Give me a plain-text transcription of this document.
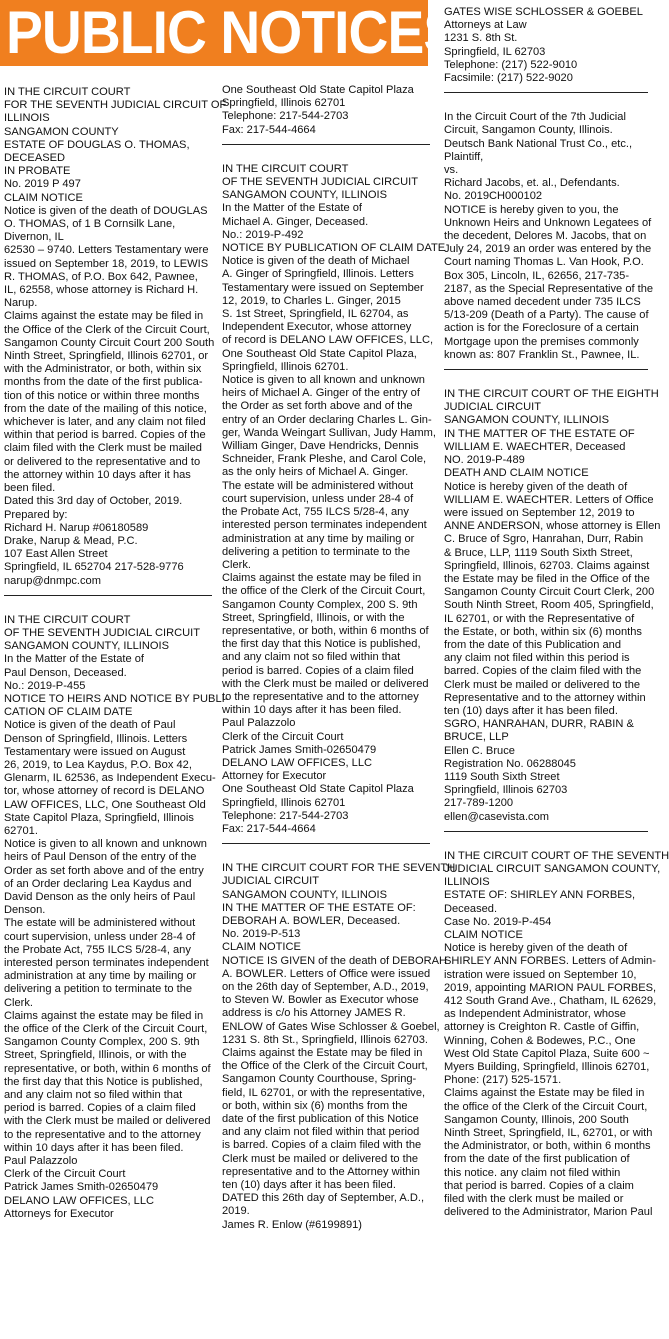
PUBLIC NOTICES
IN THE CIRCUIT COURT
FOR THE SEVENTH JUDICIAL CIRCUIT OF
ILLINOIS
SANGAMON COUNTY
ESTATE OF DOUGLAS O. THOMAS,
DECEASED
IN PROBATE
No. 2019 P 497
CLAIM NOTICE
Notice is given of the death of DOUGLAS
O. THOMAS, of 1 B Cornsilk Lane,
Divernon, IL
62530 – 9740. Letters Testamentary were
issued on September 18, 2019, to LEWIS
R. THOMAS, of P.O. Box 642, Pawnee,
IL, 62558, whose attorney is Richard H.
Narup.
Claims against the estate may be filed in
the Office of the Clerk of the Circuit Court,
Sangamon County Circuit Court 200 South
Ninth Street, Springfield, Illinois 62701, or
with the Administrator, or both, within six
months from the date of the first publica-
tion of this notice or within three months
from the date of the mailing of this notice,
whichever is later, and any claim not filed
within that period is barred. Copies of the
claim filed with the Clerk must be mailed
or delivered to the representative and to
the attorney within 10 days after it has
been filed.
Dated this 3rd day of October, 2019.
Prepared by:
Richard H. Narup #06180589
Drake, Narup & Mead, P.C.
107 East Allen Street
Springfield, IL 652704 217-528-9776
narup@dnmpc.com
IN THE CIRCUIT COURT
OF THE SEVENTH JUDICIAL CIRCUIT
SANGAMON COUNTY, ILLINOIS
In the Matter of the Estate of
Paul Denson, Deceased.
No.: 2019-P-455
NOTICE TO HEIRS AND NOTICE BY PUBLI-
CATION OF CLAIM DATE
Notice is given of the death of Paul
Denson of Springfield, Illinois. Letters
Testamentary were issued on August
26, 2019, to Lea Kaydus, P.O. Box 42,
Glenarm, IL 62536, as Independent Execu-
tor, whose attorney of record is DELANO
LAW OFFICES, LLC, One Southeast Old
State Capitol Plaza, Springfield, Illinois
62701.
Notice is given to all known and unknown
heirs of Paul Denson of the entry of the
Order as set forth above and of the entry
of an Order declaring Lea Kaydus and
David Denson as the only heirs of Paul
Denson.
The estate will be administered without
court supervision, unless under 28-4 of
the Probate Act, 755 ILCS 5/28-4, any
interested person terminates independent
administration at any time by mailing or
delivering a petition to terminate to the
Clerk.
Claims against the estate may be filed in
the office of the Clerk of the Circuit Court,
Sangamon County Complex, 200 S. 9th
Street, Springfield, Illinois, or with the
representative, or both, within 6 months of
the first day that this Notice is published,
and any claim not so filed within that
period is barred. Copies of a claim filed
with the Clerk must be mailed or delivered
to the representative and to the attorney
within 10 days after it has been filed.
Paul Palazzolo
Clerk of the Circuit Court
Patrick James Smith-02650479
DELANO LAW OFFICES, LLC
Attorneys for Executor
One Southeast Old State Capitol Plaza
Springfield, Illinois 62701
Telephone: 217-544-2703
Fax: 217-544-4664
IN THE CIRCUIT COURT
OF THE SEVENTH JUDICIAL CIRCUIT
SANGAMON COUNTY, ILLINOIS
In the Matter of the Estate of
Michael A. Ginger, Deceased.
No.: 2019-P-492
NOTICE BY PUBLICATION OF CLAIM DATE
Notice is given of the death of Michael
A. Ginger of Springfield, Illinois. Letters
Testamentary were issued on September
12, 2019, to Charles L. Ginger, 2015
S. 1st Street, Springfield, IL 62704, as
Independent Executor, whose attorney
of record is DELANO LAW OFFICES, LLC,
One Southeast Old State Capitol Plaza,
Springfield, Illinois 62701.
Notice is given to all known and unknown
heirs of Michael A. Ginger of the entry of
the Order as set forth above and of the
entry of an Order declaring Charles L. Gin-
ger, Wanda Weingart Sullivan, Judy Hamm,
William Ginger, Dave Hendricks, Dennis
Schneider, Frank Pleshe, and Carol Cole,
as the only heirs of Michael A. Ginger.
The estate will be administered without
court supervision, unless under 28-4 of
the Probate Act, 755 ILCS 5/28-4, any
interested person terminates independent
administration at any time by mailing or
delivering a petition to terminate to the
Clerk.
Claims against the estate may be filed in
the office of the Clerk of the Circuit Court,
Sangamon County Complex, 200 S. 9th
Street, Springfield, Illinois, or with the
representative, or both, within 6 months of
the first day that this Notice is published,
and any claim not so filed within that
period is barred. Copies of a claim filed
with the Clerk must be mailed or delivered
to the representative and to the attorney
within 10 days after it has been filed.
Paul Palazzolo
Clerk of the Circuit Court
Patrick James Smith-02650479
DELANO LAW OFFICES, LLC
Attorney for Executor
One Southeast Old State Capitol Plaza
Springfield, Illinois 62701
Telephone: 217-544-2703
Fax: 217-544-4664
IN THE CIRCUIT COURT FOR THE SEVENTH
JUDICIAL CIRCUIT
SANGAMON COUNTY, ILLINOIS
IN THE MATTER OF THE ESTATE OF:
DEBORAH A. BOWLER, Deceased.
No. 2019-P-513
CLAIM NOTICE
NOTICE IS GIVEN of the death of DEBORAH
A. BOWLER. Letters of Office were issued
on the 26th day of September, A.D., 2019,
to Steven W. Bowler as Executor whose
address is c/o his Attorney JAMES R.
ENLOW of Gates Wise Schlosser & Goebel,
1231 S. 8th St., Springfield, Illinois 62703.
Claims against the Estate may be filed in
the Office of the Clerk of the Circuit Court,
Sangamon County Courthouse, Spring-
field, IL 62701, or with the representative,
or both, within six (6) months from the
date of the first publication of this Notice
and any claim not filed within that period
is barred. Copies of a claim filed with the
Clerk must be mailed or delivered to the
representative and to the Attorney within
ten (10) days after it has been filed.
DATED this 26th day of September, A.D.,
2019.
James R. Enlow (#6199891)
GATES WISE SCHLOSSER & GOEBEL
Attorneys at Law
1231 S. 8th St.
Springfield, IL 62703
Telephone: (217) 522-9010
Facsimile: (217) 522-9020
In the Circuit Court of the 7th Judicial
Circuit, Sangamon County, Illinois.
Deutsch Bank National Trust Co., etc.,
Plaintiff,
vs.
Richard Jacobs, et. al., Defendants.
No. 2019CH000102
NOTICE is hereby given to you, the
Unknown Heirs and Unknown Legatees of
the decedent, Delores M. Jacobs, that on
July 24, 2019 an order was entered by the
Court naming Thomas L. Van Hook, P.O.
Box 305, Lincoln, IL, 62656, 217-735-
2187, as the Special Representative of the
above named decedent under 735 ILCS
5/13-209 (Death of a Party). The cause of
action is for the Foreclosure of a certain
Mortgage upon the premises commonly
known as: 807 Franklin St., Pawnee, IL.
IN THE CIRCUIT COURT OF THE EIGHTH
JUDICIAL CIRCUIT
SANGAMON COUNTY, ILLINOIS
IN THE MATTER OF THE ESTATE OF
WILLIAM E. WAECHTER, Deceased
NO. 2019-P-489
DEATH AND CLAIM NOTICE
Notice is hereby given of the death of
WILLIAM E. WAECHTER. Letters of Office
were issued on September 12, 2019 to
ANNE ANDERSON, whose attorney is Ellen
C. Bruce of Sgro, Hanrahan, Durr, Rabin
& Bruce, LLP, 1119 South Sixth Street,
Springfield, Illinois, 62703. Claims against
the Estate may be filed in the Office of the
Sangamon County Circuit Court Clerk, 200
South Ninth Street, Room 405, Springfield,
IL 62701, or with the Representative of
the Estate, or both, within six (6) months
from the date of this Publication and
any claim not filed within this period is
barred. Copies of the claim filed with the
Clerk must be mailed or delivered to the
Representative and to the attorney within
ten (10) days after it has been filed.
SGRO, HANRAHAN, DURR, RABIN &
BRUCE, LLP
Ellen C. Bruce
Registration No. 06288045
1119 South Sixth Street
Springfield, Illinois 62703
217-789-1200
ellen@casevista.com
IN THE CIRCUIT COURT OF THE SEVENTH
JUDICIAL CIRCUIT SANGAMON COUNTY,
ILLINOIS
ESTATE OF: SHIRLEY ANN FORBES,
Deceased.
Case No. 2019-P-454
CLAIM NOTICE
Notice is hereby given of the death of
SHIRLEY ANN FORBES. Letters of Admin-
istration were issued on September 10,
2019, appointing MARION PAUL FORBES,
412 South Grand Ave., Chatham, IL 62629,
as Independent Administrator, whose
attorney is Creighton R. Castle of Giffin,
Winning, Cohen & Bodewes, P.C., One
West Old State Capitol Plaza, Suite 600 ~
Myers Building, Springfield, Illinois 62701,
Phone: (217) 525-1571.
Claims against the Estate may be filed in
the office of the Clerk of the Circuit Court,
Sangamon County, Illinois, 200 South
Ninth Street, Springfield, IL, 62701, or with
the Administrator, or both, within 6 months
from the date of the first publication of
this notice. any claim not filed within
that period is barred. Copies of a claim
filed with the clerk must be mailed or
delivered to the Administrator, Marion Paul
